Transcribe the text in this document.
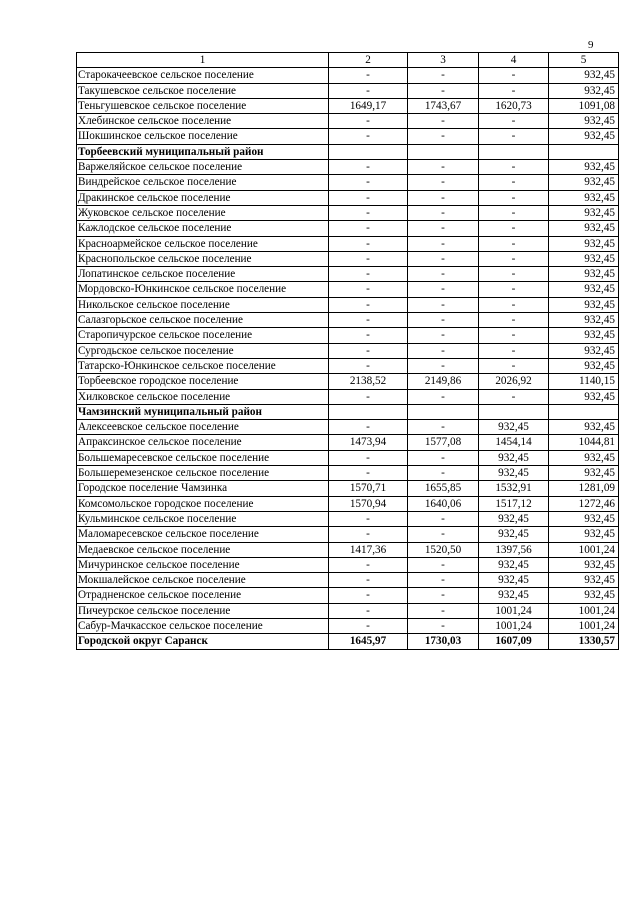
9
1	2	3	4	5
Старокачеевское сельское поселение	-	-	-	932,45
Такушевское сельское поселение	-	-	-	932,45
Теньгушевское сельское поселение	1649,17	1743,67	1620,73	1091,08
Хлебинское сельское поселение	-	-	-	932,45
Шокшинское сельское поселение	-	-	-	932,45
Торбеевский муниципальный район				
Варжеляйское сельское поселение	-	-	-	932,45
Виндрейское сельское поселение	-	-	-	932,45
Дракинское сельское поселение	-	-	-	932,45
Жуковское сельское поселение	-	-	-	932,45
Кажлодское сельское поселение	-	-	-	932,45
Красноармейское сельское поселение	-	-	-	932,45
Краснопольское сельское поселение	-	-	-	932,45
Лопатинское сельское поселение	-	-	-	932,45
Мордовско-Юнкинское сельское поселение	-	-	-	932,45
Никольское сельское поселение	-	-	-	932,45
Салазгорьское сельское поселение	-	-	-	932,45
Старопичурское сельское поселение	-	-	-	932,45
Сургодьское сельское поселение	-	-	-	932,45
Татарско-Юнкинское сельское поселение	-	-	-	932,45
Торбеевское городское поселение	2138,52	2149,86	2026,92	1140,15
Хилковское сельское поселение	-	-	-	932,45
Чамзинский муниципальный район				
Алексеевское сельское поселение	-	-	932,45	932,45
Апраксинское сельское поселение	1473,94	1577,08	1454,14	1044,81
Большемаресевское сельское поселение	-	-	932,45	932,45
Большеремезенское сельское поселение	-	-	932,45	932,45
Городское поселение Чамзинка	1570,71	1655,85	1532,91	1281,09
Комсомольское городское поселение	1570,94	1640,06	1517,12	1272,46
Кульминское сельское поселение	-	-	932,45	932,45
Маломаресевское сельское поселение	-	-	932,45	932,45
Медаевское сельское поселение	1417,36	1520,50	1397,56	1001,24
Мичуринское сельское поселение	-	-	932,45	932,45
Мокшалейское сельское поселение	-	-	932,45	932,45
Отрадненское сельское поселение	-	-	932,45	932,45
Пичеурское сельское поселение	-	-	1001,24	1001,24
Сабур-Мачкасское сельское поселение	-	-	1001,24	1001,24
Городской округ Саранск	1645,97	1730,03	1607,09	1330,57
